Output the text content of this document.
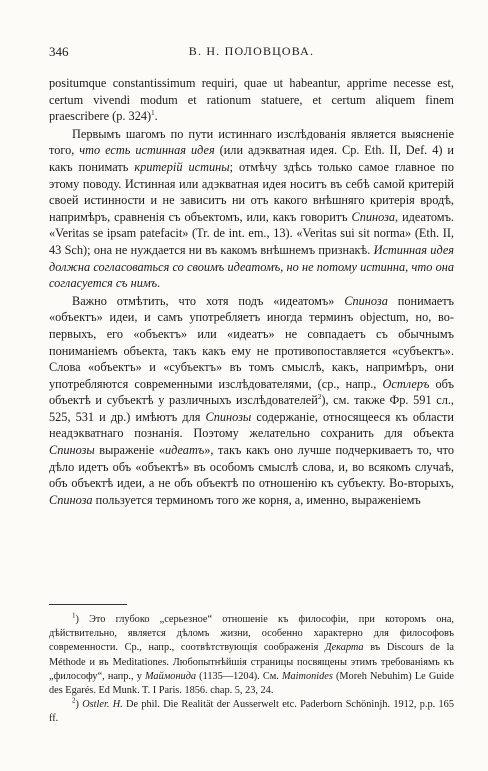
346	В. Н. ПОЛОВЦОВА.

positumque constantissimum requiri, quae ut habeantur, apprime necesse est, certum vivendi modum et rationum statuere, et certum aliquem finem praescribere (p. 324)$^1$.

Первымъ шагомъ по пути истиннаго изслѣдованія является выясненіе того, что есть истинная идея (или адэкватная идея. Cp. Eth. II, Def. 4) и какъ понимать критерій истины; отмѣчу здѣсь только самое главное по этому поводу. Истинная или адэкватная идея носитъ въ себѣ самой критерій своей истинности и не зависитъ ни отъ какого внѣшняго критерія вродѣ, напримѣръ, сравненія съ объектомъ, или, какъ говоритъ Спиноза, идеатомъ. «Veritas se ipsam patefacit» (Tr. de int. em., 13). «Veritas sui sit norma» (Eth. II, 43 Sch); она не нуждается ни въ какомъ внѣшнемъ признакѣ. Истинная идея должна согласоваться со своимъ идеатомъ, но не потому истинна, что она согласуется съ нимъ.

Важно отмѣтить, что хотя подъ «идеатомъ» Спиноза понимаетъ «объектъ» идеи, и самъ употребляетъ иногда терминъ objectum, но, во-первыхъ, его «объектъ» или «идеатъ» не совпадаетъ съ обычнымъ пониманіемъ объекта, такъ какъ ему не противопоставляется «субъектъ». Слова «объектъ» и «субъектъ» въ томъ смыслѣ, какъ, напримѣръ, они употребляются современными изслѣдователями, (ср., напр., Остлеръ объ объектѣ и субъектѣ у различныхъ изслѣдователей$^2$), см. также Фр. 591 сл., 525, 531 и др.) имѣютъ для Спинозы содержаніе, относящееся къ области неадэкватнаго познанія. Поэтому желательно сохранить для объекта Спинозы выраженіе «идеатъ», такъ какъ оно лучше подчеркиваетъ то, что дѣло идетъ объ «объектѣ» въ особомъ смыслѣ слова, и, во всякомъ случаѣ, объ объектѣ идеи, а не объ объектѣ по отношенію къ субъекту. Во-вторыхъ, Спиноза пользуется терминомъ того же корня, а, именно, выраженіемъ

$^1$) Это глубоко „серьезное“ отношеніе къ философіи, при которомъ она, дѣйствительно, является дѣломъ жизни, особенно характерно для философовъ современности. Ср., напр., соотвѣтствующія соображенія Декарта въ Discours de la Méthode и въ Meditationes. Любопытнѣйшія страницы посвящены этимъ требованіямъ къ „философу“, напр., у Маймонида (1135—1204). См. Maimonides (Moreh Nebuhim) Le Guide des Egarés. Ed Munk. T. I Paris. 1856. chap. 5, 23, 24.

$^2$) Ostler. H. De phil. Die Realität der Ausserwelt etc. Paderborn Schöninjh. 1912, p.p. 165 ff.
